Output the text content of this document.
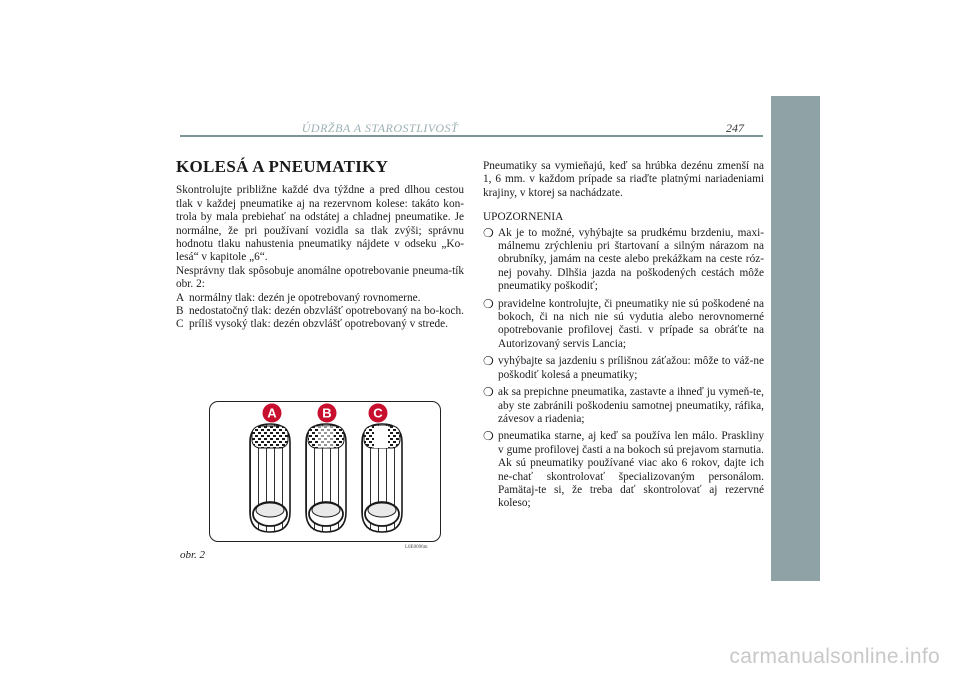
ÚDRŽBA A STAROSTLIVOSŤ	247
KOLESÁ A PNEUMATIKY

Skontrolujte približne každé dva týždne a pred dlhou cestou tlak v každej pneumatike aj na rezervnom kolese: takáto kon-trola by mala prebiehať na odstátej a chladnej pneumatike. Je normálne, že pri používaní vozidla sa tlak zvýši; správnu hodnotu tlaku nahustenia pneumatiky nájdete v odseku „Ko-lesá“ v kapitole „6“.

Nesprávny tlak spôsobuje anomálne opotrebovanie pneuma-tík obr. 2:

A normálny tlak: dezén je opotrebovaný rovnomerne.
B nedostatočný tlak: dezén obzvlášť opotrebovaný na bo-koch.
C príliš vysoký tlak: dezén obzvlášť opotrebovaný v strede.
A	B	C
obr. 2
L0E0096m

Pneumatiky sa vymieňajú, keď sa hrúbka dezénu zmenší na 1, 6 mm. v každom prípade sa riaďte platnými nariadeniami krajiny, v ktorej sa nachádzate.

UPOZORNENIA
❍ Ak je to možné, vyhýbajte sa prudkému brzdeniu, maxi-málnemu zrýchleniu pri štartovaní a silným nárazom na obrubníky, jamám na ceste alebo prekážkam na ceste róz-nej povahy. Dlhšia jazda na poškodených cestách môže pneumatiky poškodiť;
❍ pravidelne kontrolujte, či pneumatiky nie sú poškodené na bokoch, či na nich nie sú vydutia alebo nerovnomerné opotrebovanie profilovej časti. v prípade sa obráťte na Autorizovaný servis Lancia;
❍ vyhýbajte sa jazdeniu s prílišnou záťažou: môže to váž-ne poškodiť kolesá a pneumatiky;
❍ ak sa prepichne pneumatika, zastavte a ihneď ju vymeň-te, aby ste zabránili poškodeniu samotnej pneumatiky, ráfika, závesov a riadenia;
❍ pneumatika starne, aj keď sa používa len málo. Praskliny v gume profilovej časti a na bokoch sú prejavom starnutia. Ak sú pneumatiky používané viac ako 6 rokov, dajte ich ne-chať skontrolovať špecializovaným personálom. Pamätaj-te si, že treba dať skontrolovať aj rezervné koleso;
carmanualsonline.info
